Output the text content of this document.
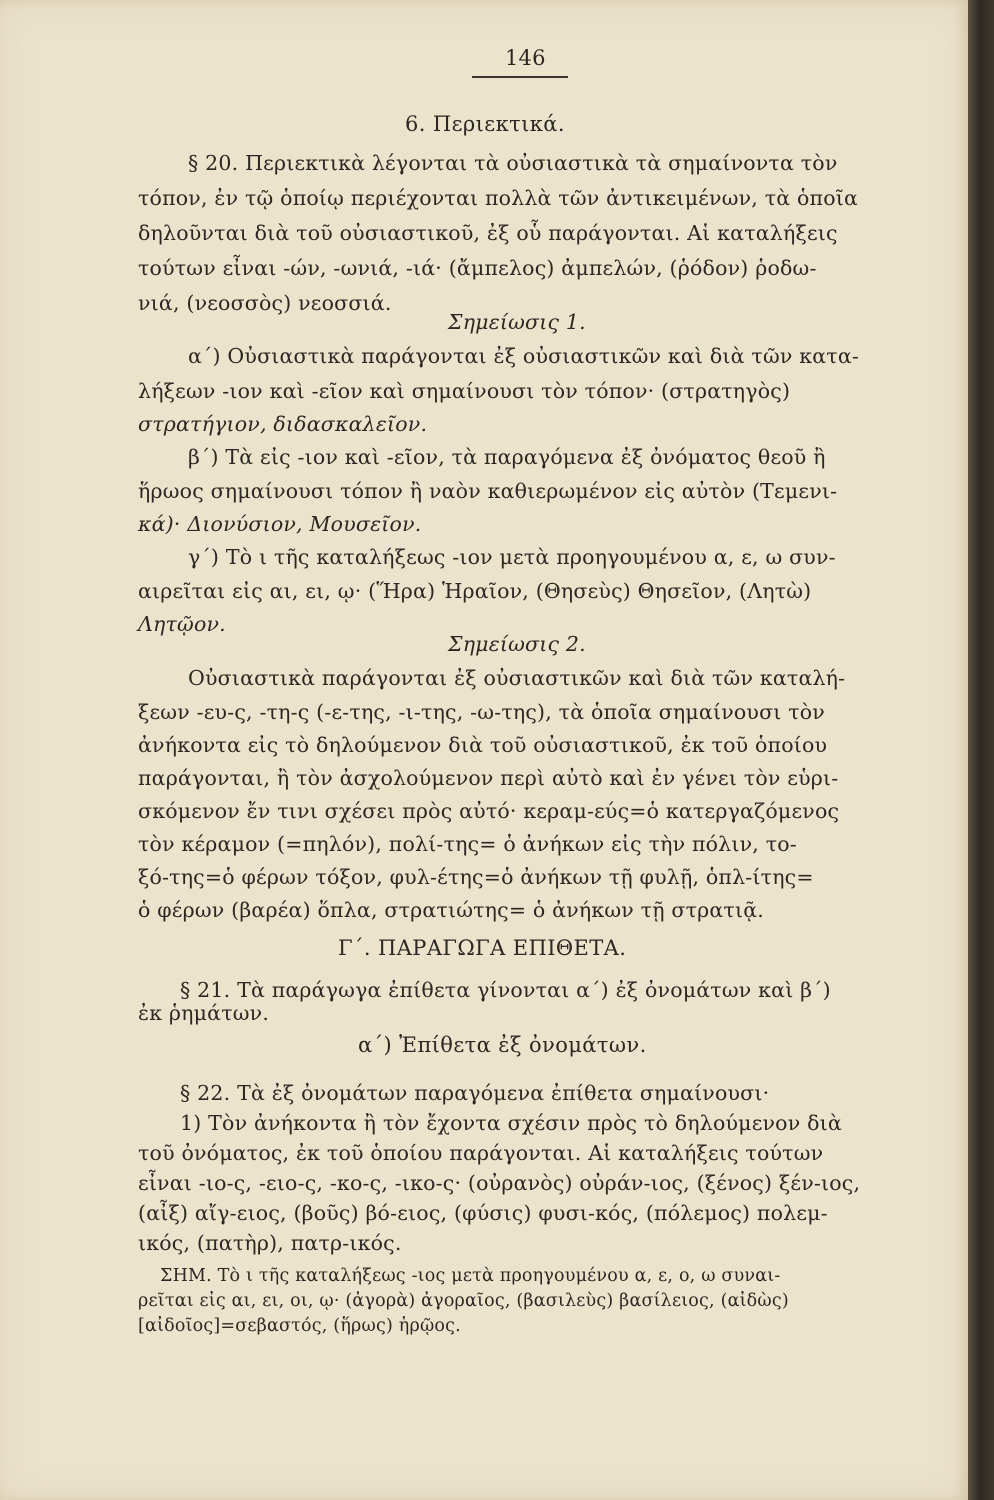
146
6. Περιεκτικά.
§ 20. Περιεκτικὰ λέγονται τὰ οὐσιαστικὰ τὰ σημαίνοντα τὸν
τόπον, ἐν τῷ ὁποίῳ περιέχονται πολλὰ τῶν ἀντικειμένων, τὰ ὁποῖα
δηλοῦνται διὰ τοῦ οὐσιαστικοῦ, ἐξ οὗ παράγονται. Αἱ καταλήξεις
τούτων εἶναι -ών, -ωνιά, -ιά· (ἄμπελος) ἀμπελών, (ῥόδον) ῥοδω-
νιά, (νεοσσὸς) νεοσσιά.
Σημείωσις 1.
α΄) Οὐσιαστικὰ παράγονται ἐξ οὐσιαστικῶν καὶ διὰ τῶν κατα-
λήξεων -ιον καὶ -εῖον καὶ σημαίνουσι τὸν τόπον· (στρατηγὸς)
στρατήγιον, διδασκαλεῖον.
β΄) Τὰ εἰς -ιον καὶ -εῖον, τὰ παραγόμενα ἐξ ὀνόματος θεοῦ ἢ
ἥρωος σημαίνουσι τόπον ἢ ναὸν καθιερωμένον εἰς αὐτὸν (Τεμενι-
κά)· Διονύσιον, Μουσεῖον.
γ΄) Τὸ ι τῆς καταλήξεως -ιον μετὰ προηγουμένου α, ε, ω συν-
αιρεῖται εἰς αι, ει, ῳ· (Ἥρα) Ἡραῖον, (Θησεὺς) Θησεῖον, (Λητὼ)
Λητῷον.
Σημείωσις 2.
Οὐσιαστικὰ παράγονται ἐξ οὐσιαστικῶν καὶ διὰ τῶν καταλή-
ξεων -ευ-ς, -τη-ς (-ε-της, -ι-της, -ω-της), τὰ ὁποῖα σημαίνουσι τὸν
ἀνήκοντα εἰς τὸ δηλούμενον διὰ τοῦ οὐσιαστικοῦ, ἐκ τοῦ ὁποίου
παράγονται, ἢ τὸν ἀσχολούμενον περὶ αὐτὸ καὶ ἐν γένει τὸν εὑρι-
σκόμενον ἔν τινι σχέσει πρὸς αὐτό· κεραμ-εύς=ὁ κατεργαζόμενος
τὸν κέραμον (=πηλόν), πολί-της= ὁ ἀνήκων εἰς τὴν πόλιν, το-
ξό-της=ὁ φέρων τόξον, φυλ-έτης=ὁ ἀνήκων τῇ φυλῇ, ὁπλ-ίτης=
ὁ φέρων (βαρέα) ὅπλα, στρατιώτης= ὁ ἀνήκων τῇ στρατιᾷ.
Γ΄. ΠΑΡΑΓΩΓΑ ΕΠΙΘΕΤΑ.
§ 21. Τὰ παράγωγα ἐπίθετα γίνονται α΄) ἐξ ὀνομάτων καὶ β΄)
ἐκ ῥημάτων.
α΄) Ἐπίθετα ἐξ ὀνομάτων.
§ 22. Τὰ ἐξ ὀνομάτων παραγόμενα ἐπίθετα σημαίνουσι·
1) Τὸν ἀνήκοντα ἢ τὸν ἔχοντα σχέσιν πρὸς τὸ δηλούμενον διὰ
τοῦ ὀνόματος, ἐκ τοῦ ὁποίου παράγονται. Αἱ καταλήξεις τούτων
εἶναι -ιο-ς, -ειο-ς, -κο-ς, -ικο-ς· (οὐρανὸς) οὐράν-ιος, (ξένος) ξέν-ιος,
(αἶξ) αἴγ-ειος, (βοῦς) βό-ειος, (φύσις) φυσι-κός, (πόλεμος) πολεμ-
ικός, (πατὴρ), πατρ-ικός.
ΣΗΜ. Τὸ ι τῆς καταλήξεως -ιος μετὰ προηγουμένου α, ε, ο, ω συναι-
ρεῖται εἰς αι, ει, οι, ῳ· (ἀγορὰ) ἀγοραῖος, (βασιλεὺς) βασίλειος, (αἰδὼς)
[αἰδοῖος]=σεβαστός, (ἥρως) ἡρῷος.
